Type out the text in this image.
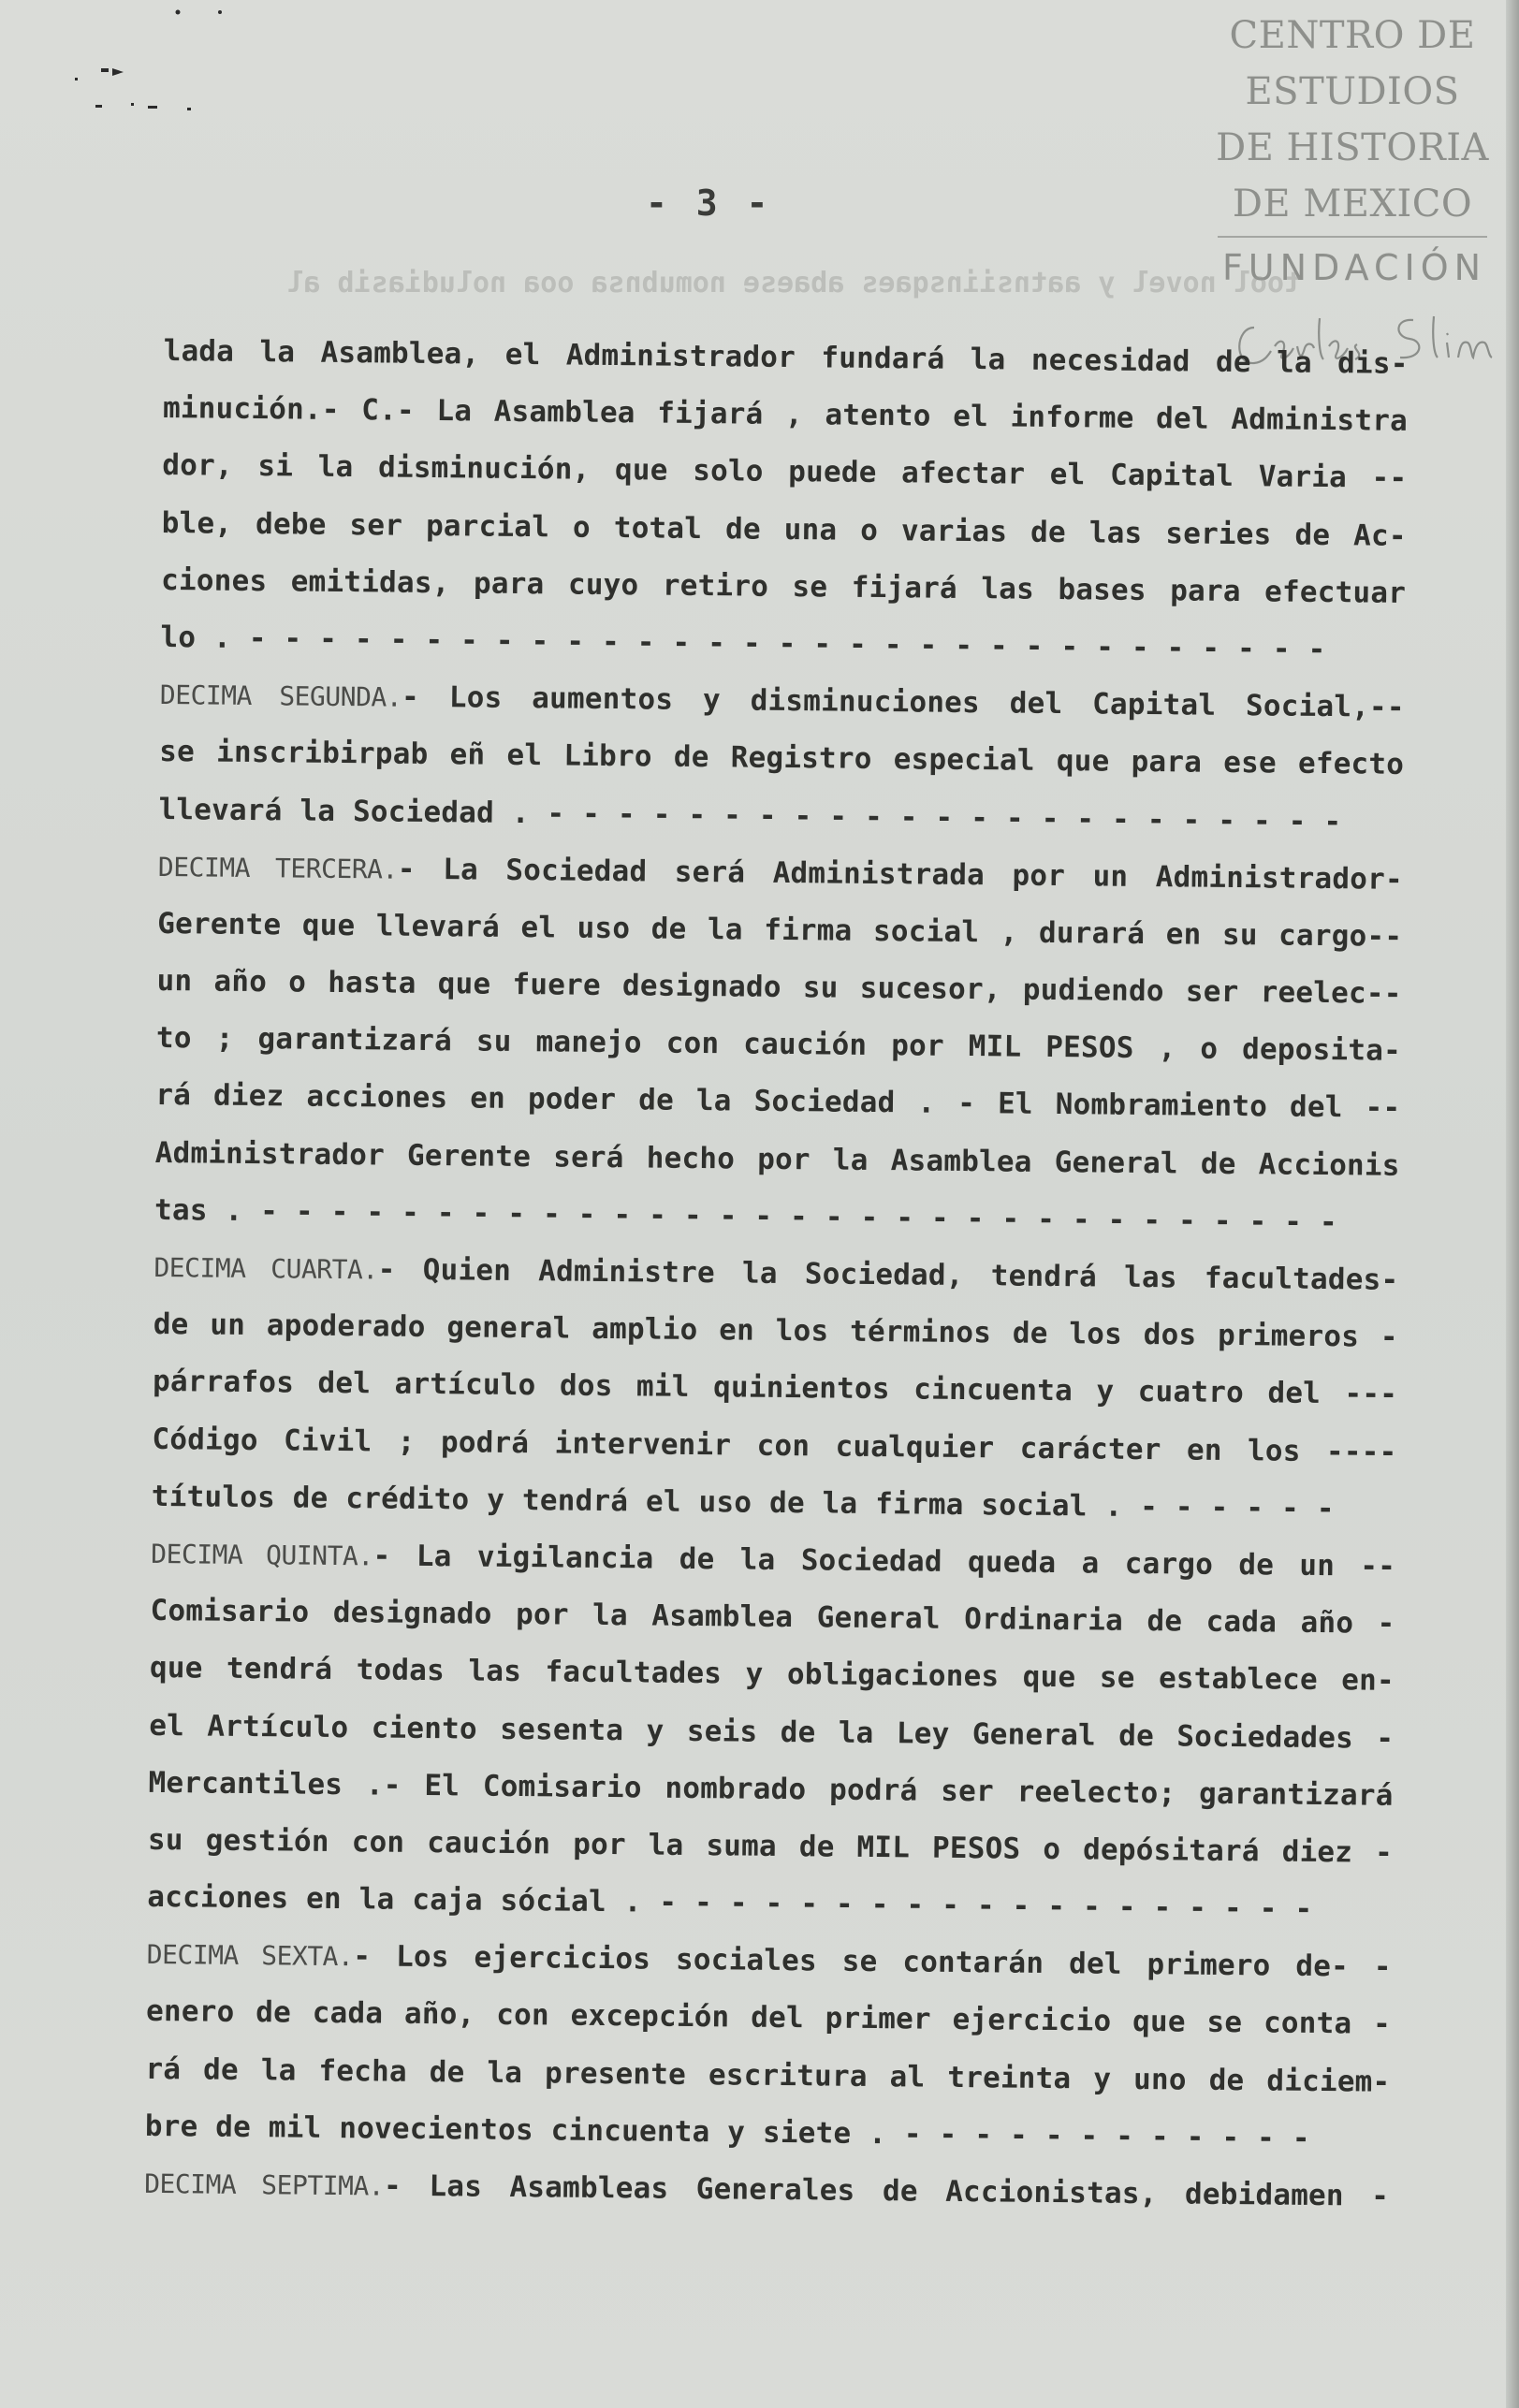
CENTRO DE
ESTUDIOS
DE HISTORIA
DE MEXICO
FUNDACIÓN
- 3 -
tool novel y aatnsiinsqaes abaese nomubnsa ooa noludiasib al
lada la Asamblea, el Administrador fundará la necesidad de la dis-
minución.- C.- La Asamblea fijará , atento el informe del Administra
dor, si la disminución, que solo puede afectar el Capital Varia --
ble, debe ser parcial o total de una o varias de las series de Ac-
ciones emitidas, para cuyo retiro se fijará las bases para efectuar
lo . - - - - - - - - - - - - - - - - - - - - - - - - - - - - - - -
DECIMA SEGUNDA.- Los aumentos y disminuciones del Capital Social,--
se inscribirpab eñ el Libro de Registro especial que para ese efecto
llevará la Sociedad . - - - - - - - - - - - - - - - - - - - - - - -
DECIMA TERCERA.- La Sociedad será Administrada por un Administrador-
Gerente que llevará el uso de la firma social , durará en su cargo--
un año o hasta que fuere designado su sucesor, pudiendo ser reelec--
to ; garantizará su manejo con caución por MIL PESOS , o deposita-
rá diez acciones en poder de la Sociedad . - El Nombramiento del --
Administrador Gerente será hecho por la Asamblea General de Accionis
tas . - - - - - - - - - - - - - - - - - - - - - - - - - - - - - - -
DECIMA CUARTA.- Quien Administre la Sociedad, tendrá las facultades-
de un apoderado general amplio en los términos de los dos primeros -
párrafos del artículo dos mil quinientos cincuenta y cuatro del ---
Código Civil ; podrá intervenir con cualquier carácter en los ----
títulos de crédito y tendrá el uso de la firma social . - - - - - -
DECIMA QUINTA.- La vigilancia de la Sociedad queda a cargo de un --
Comisario designado por la Asamblea General Ordinaria de cada año -
que tendrá todas las facultades y obligaciones que se establece en-
el Artículo ciento sesenta y seis de la Ley General de Sociedades -
Mercantiles .- El Comisario nombrado podrá ser reelecto; garantizará
su gestión con caución por la suma de MIL PESOS o depósitará diez -
acciones en la caja sócial . - - - - - - - - - - - - - - - - - - -
DECIMA SEXTA.- Los ejercicios sociales se contarán del primero de- -
enero de cada año, con excepción del primer ejercicio que se conta -
rá de la fecha de la presente escritura al treinta y uno de diciem-
bre de mil novecientos cincuenta y siete . - - - - - - - - - - - -
DECIMA SEPTIMA.- Las Asambleas Generales de Accionistas, debidamen -
